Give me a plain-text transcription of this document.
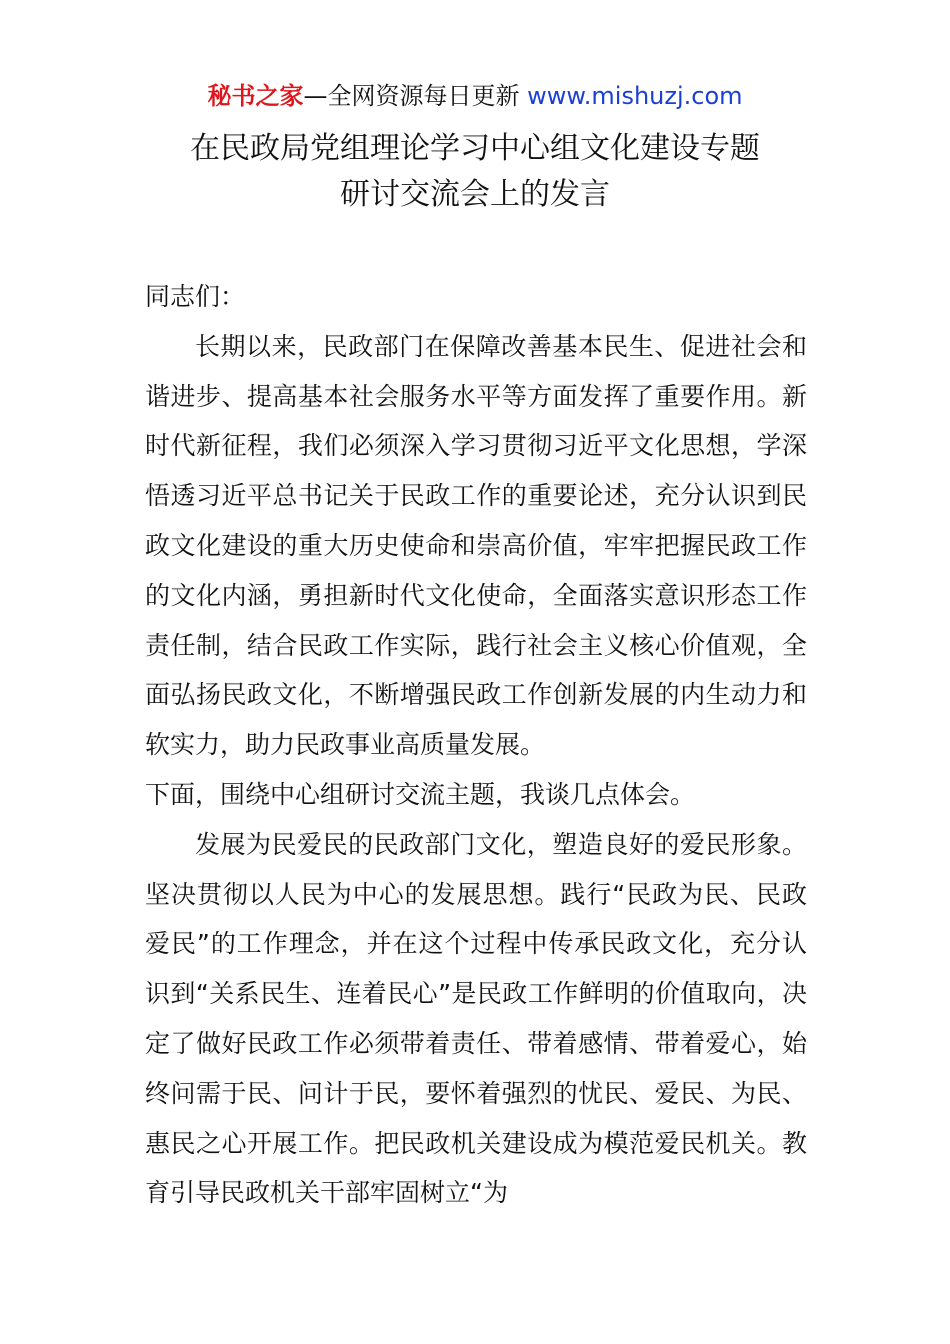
秘书之家—全网资源每日更新 www.mishuzj.com
在民政局党组理论学习中心组文化建设专题
研讨交流会上的发言

同志们：

长期以来，民政部门在保障改善基本民生、促进社会和谐进步、提高基本社会服务水平等方面发挥了重要作用。新时代新征程，我们必须深入学习贯彻习近平文化思想，学深悟透习近平总书记关于民政工作的重要论述，充分认识到民政文化建设的重大历史使命和崇高价值，牢牢把握民政工作的文化内涵，勇担新时代文化使命，全面落实意识形态工作责任制，结合民政工作实际，践行社会主义核心价值观，全面弘扬民政文化，不断增强民政工作创新发展的内生动力和软实力，助力民政事业高质量发展。

下面，围绕中心组研讨交流主题，我谈几点体会。

发展为民爱民的民政部门文化，塑造良好的爱民形象。坚决贯彻以人民为中心的发展思想。践行“民政为民、民政爱民”的工作理念，并在这个过程中传承民政文化，充分认识到“关系民生、连着民心”是民政工作鲜明的价值取向，决定了做好民政工作必须带着责任、带着感情、带着爱心，始终问需于民、问计于民，要怀着强烈的忧民、爱民、为民、惠民之心开展工作。把民政机关建设成为模范爱民机关。教育引导民政机关干部牢固树立“为
